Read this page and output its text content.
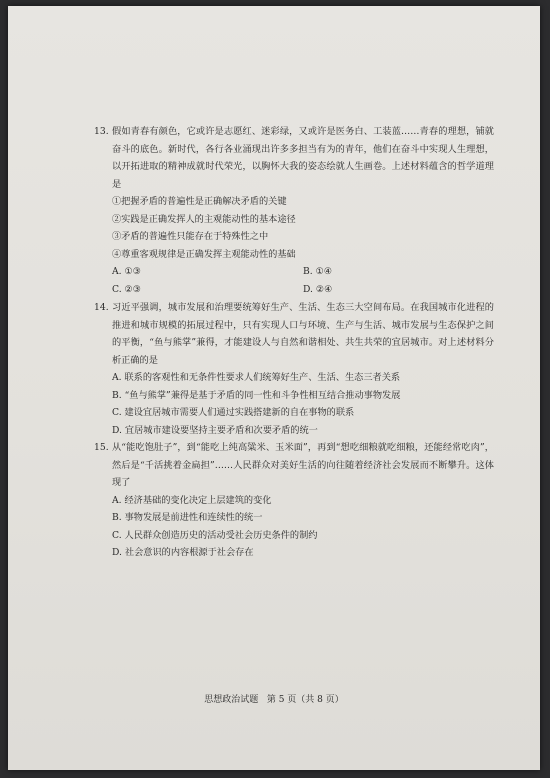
13. 假如青春有颜色，它或许是志愿红、迷彩绿，又或许是医务白、工装蓝……青春的理想，铺就奋斗的底色。新时代，各行各业涌现出许多多担当有为的青年，他们在奋斗中实现人生理想，以开拓进取的精神成就时代荣光，以胸怀大我的姿态绘就人生画卷。上述材料蕴含的哲学道理是
①把握矛盾的普遍性是正确解决矛盾的关键
②实践是正确发挥人的主观能动性的基本途径
③矛盾的普遍性只能存在于特殊性之中
④尊重客观规律是正确发挥主观能动性的基础
A. ①③	B. ①④
C. ②③	D. ②④
14. 习近平强调，城市发展和治理要统筹好生产、生活、生态三大空间布局。在我国城市化进程的推进和城市规模的拓展过程中，只有实现人口与环境、生产与生活、城市发展与生态保护之间的平衡，“鱼与熊掌”兼得，才能建设人与自然和谐相处、共生共荣的宜居城市。对上述材料分析正确的是
A. 联系的客观性和无条件性要求人们统筹好生产、生活、生态三者关系
B. “鱼与熊掌”兼得是基于矛盾的同一性和斗争性相互结合推动事物发展
C. 建设宜居城市需要人们通过实践搭建新的自在事物的联系
D. 宜居城市建设要坚持主要矛盾和次要矛盾的统一
15. 从“能吃饱肚子”，到“能吃上纯高粱米、玉米面”，再到“想吃细粮就吃细粮，还能经常吃肉”，然后是“千活挑着金扁担”……人民群众对美好生活的向往随着经济社会发展而不断攀升。这体现了
A. 经济基础的变化决定上层建筑的变化
B. 事物发展是前进性和连续性的统一
C. 人民群众创造历史的活动受社会历史条件的制约
D. 社会意识的内容根源于社会存在
思想政治试题 第 5 页（共 8 页）
